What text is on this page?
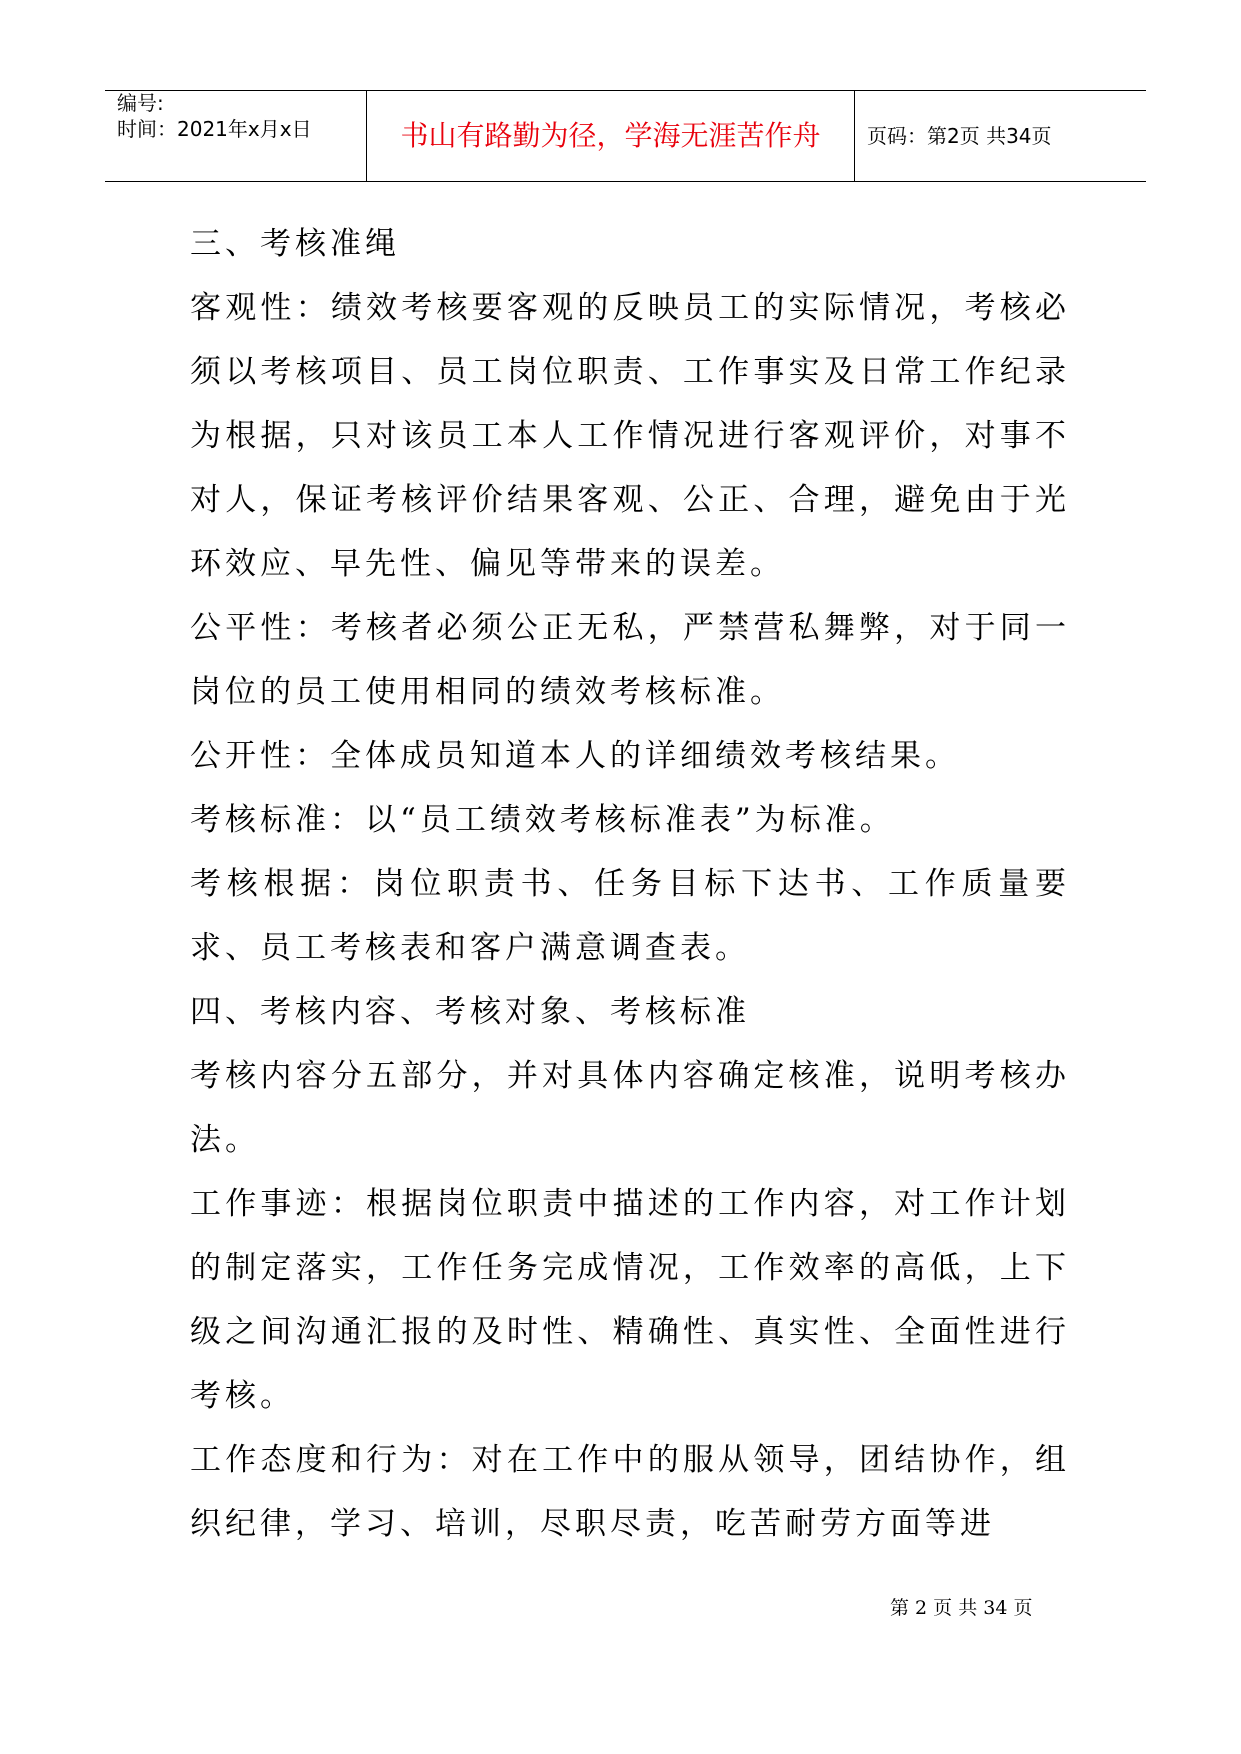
编号:
时间：2021年x月x日	书山有路勤为径，学海无涯苦作舟	页码：第2页 共34页

三、考核准绳

客观性：绩效考核要客观的反映员工的实际情况，考核必须以考核项目、员工岗位职责、工作事实及日常工作纪录为根据，只对该员工本人工作情况进行客观评价，对事不对人，保证考核评价结果客观、公正、合理，避免由于光环效应、早先性、偏见等带来的误差。

公平性：考核者必须公正无私，严禁营私舞弊，对于同一岗位的员工使用相同的绩效考核标准。

公开性：全体成员知道本人的详细绩效考核结果。

考核标准：以“员工绩效考核标准表”为标准。

考核根据：岗位职责书、任务目标下达书、工作质量要求、员工考核表和客户满意调查表。

四、考核内容、考核对象、考核标准

考核内容分五部分，并对具体内容确定核准，说明考核办法。

工作事迹：根据岗位职责中描述的工作内容，对工作计划的制定落实，工作任务完成情况，工作效率的高低，上下级之间沟通汇报的及时性、精确性、真实性、全面性进行考核。

工作态度和行为：对在工作中的服从领导，团结协作，组织纪律，学习、培训，尽职尽责，吃苦耐劳方面等进

第 2 页 共 34 页
